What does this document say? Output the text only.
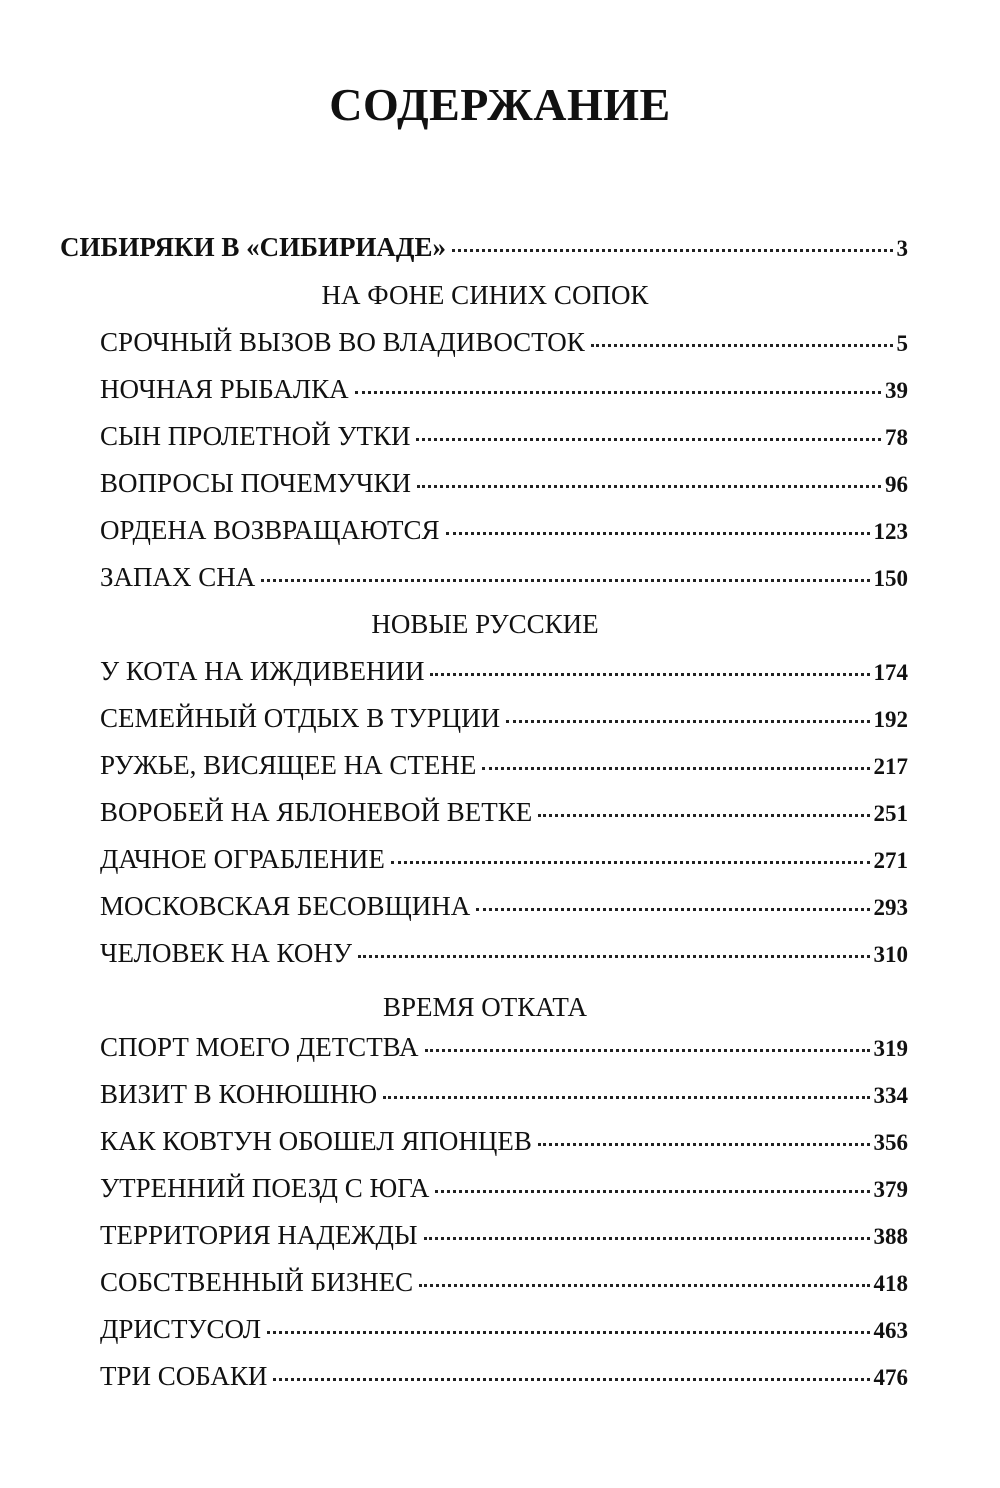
СОДЕРЖАНИЕ
СИБИРЯКИ В «СИБИРИАДЕ»	3
НА ФОНЕ СИНИХ СОПОК
СРОЧНЫЙ ВЫЗОВ ВО ВЛАДИВОСТОК	5
НОЧНАЯ РЫБАЛКА	39
СЫН ПРОЛЕТНОЙ УТКИ	78
ВОПРОСЫ ПОЧЕМУЧКИ	96
ОРДЕНА ВОЗВРАЩАЮТСЯ	123
ЗАПАХ СНА	150
НОВЫЕ РУССКИЕ
У КОТА НА ИЖДИВЕНИИ	174
СЕМЕЙНЫЙ ОТДЫХ В ТУРЦИИ	192
РУЖЬЕ, ВИСЯЩЕЕ НА СТЕНЕ	217
ВОРОБЕЙ НА ЯБЛОНЕВОЙ ВЕТКЕ	251
ДАЧНОЕ ОГРАБЛЕНИЕ	271
МОСКОВСКАЯ БЕСОВЩИНА	293
ЧЕЛОВЕК НА КОНУ	310
ВРЕМЯ ОТКАТА
СПОРТ МОЕГО ДЕТСТВА	319
ВИЗИТ В КОНЮШНЮ	334
КАК КОВТУН ОБОШЕЛ ЯПОНЦЕВ	356
УТРЕННИЙ ПОЕЗД С ЮГА	379
ТЕРРИТОРИЯ НАДЕЖДЫ	388
СОБСТВЕННЫЙ БИЗНЕС	418
ДРИСТУСОЛ	463
ТРИ СОБАКИ	476
